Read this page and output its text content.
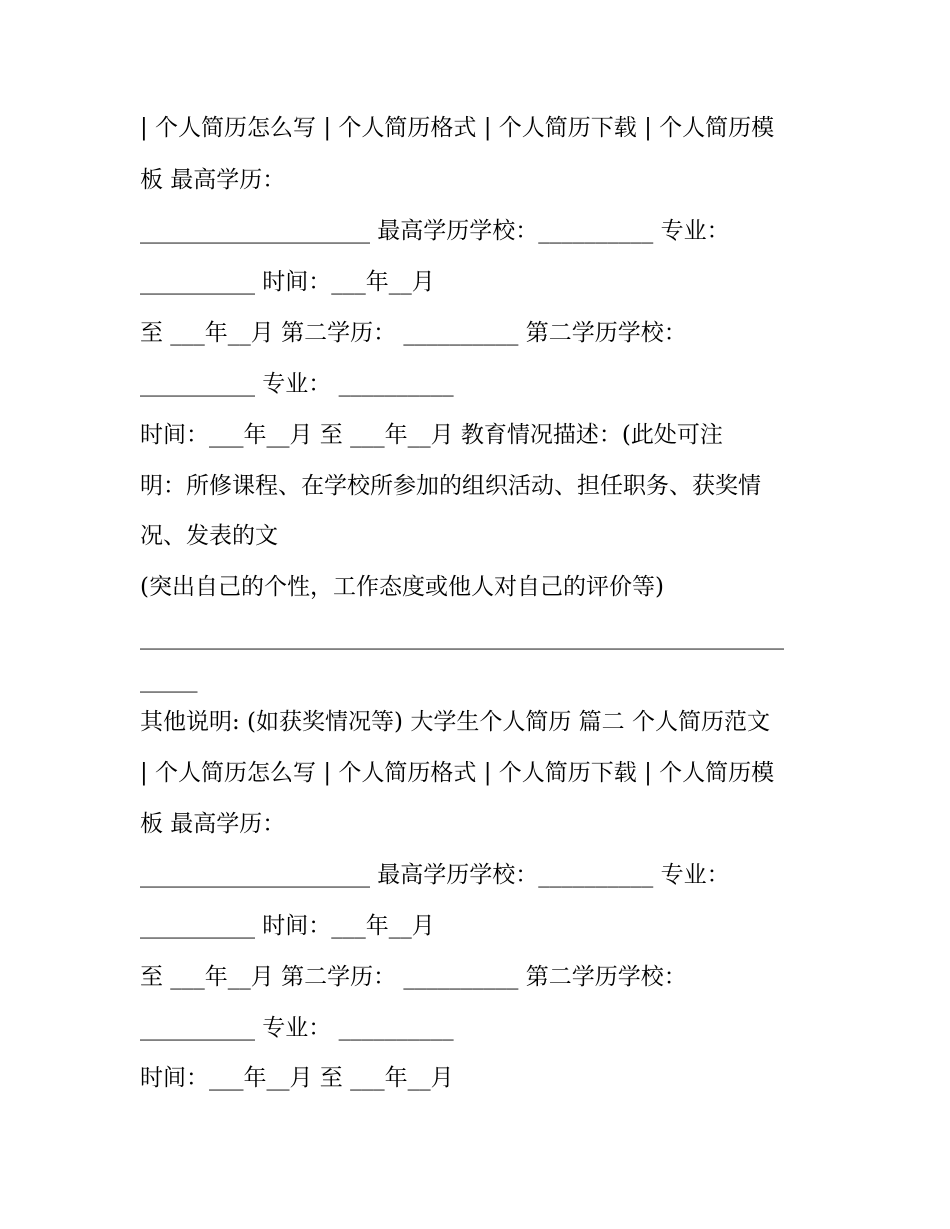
| 个人简历怎么写 | 个人简历格式 | 个人简历下载 | 个人简历模
板 最高学历：
____________________ 最高学历学校：__________ 专业：
__________ 时间：___年__月
至 ___年__月 第二学历： __________ 第二学历学校：
__________ 专业： __________
时间：___年__月 至 ___年__月 教育情况描述：(此处可注
明：所修课程、在学校所参加的组织活动、担任职务、获奖情
况、发表的文
(突出自己的个性，工作态度或他人对自己的评价等)
________________________________________________________
_____
其他说明: (如获奖情况等) 大学生个人简历 篇二 个人简历范文
| 个人简历怎么写 | 个人简历格式 | 个人简历下载 | 个人简历模
板 最高学历：
____________________ 最高学历学校：__________ 专业：
__________ 时间：___年__月
至 ___年__月 第二学历： __________ 第二学历学校：
__________ 专业： __________
时间：___年__月 至 ___年__月
